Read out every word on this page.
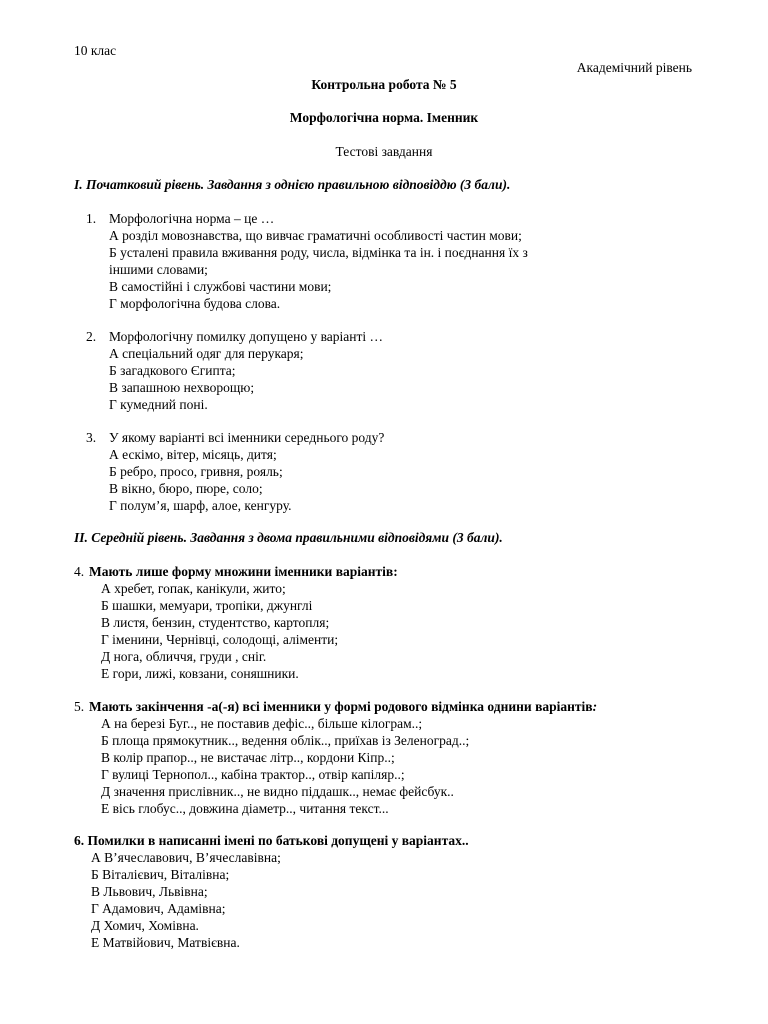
10 клас
Академічний рівень
Контрольна робота № 5
Морфологічна норма. Іменник
Тестові завдання
І. Початковий рівень. Завдання з однією правильною відповіддю (3 бали).
1. Морфологічна норма – це …
А розділ мовознавства, що вивчає граматичні особливості частин мови;
Б усталені правила вживання роду, числа, відмінка та ін. і поєднання їх з
іншими словами;
В самостійні і службові частини мови;
Г морфологічна будова слова.
2. Морфологічну помилку допущено у варіанті …
А спеціальний одяг для перукаря;
Б загадкового Єгипта;
В запашною нехворощю;
Г кумедний поні.
3. У якому варіанті всі іменники середнього роду?
А ескімо, вітер, місяць, дитя;
Б ребро, просо, гривня, рояль;
В вікно, бюро, пюре, соло;
Г полум’я, шарф, алое, кенгуру.
ІІ. Середній рівень. Завдання з двома правильними відповідями (3 бали).
4. Мають лише форму множини іменники варіантів:
А хребет, гопак, канікули, жито;
Б шашки, мемуари, тропіки, джунглі
В листя, бензин, студентство, картопля;
Г іменини, Чернівці, солодощі, аліменти;
Д нога, обличчя, груди , сніг.
Е гори, лижі, ковзани, соняшники.
5. Мають закінчення -а(-я) всі іменники у формі родового відмінка однини варіантів:
А на березі Буг.., не поставив дефіс.., більше кілограм..;
Б площа прямокутник.., ведення облік.., приїхав із Зеленоград..;
В колір прапор.., не вистачає літр.., кордони Кіпр..;
Г вулиці Тернопол.., кабіна трактор.., отвір капіляр..;
Д значення прислівник.., не видно піддашк.., немає фейсбук..
Е вісь глобус.., довжина діаметр.., читання текст...
6. Помилки в написанні імені по батькові допущені у варіантах..
А В’ячеславович, В’ячеславівна;
Б Віталієвич, Віталівна;
В Львович, Львівна;
Г Адамович, Адамівна;
Д Хомич, Хомівна.
Е Матвійович, Матвієвна.
